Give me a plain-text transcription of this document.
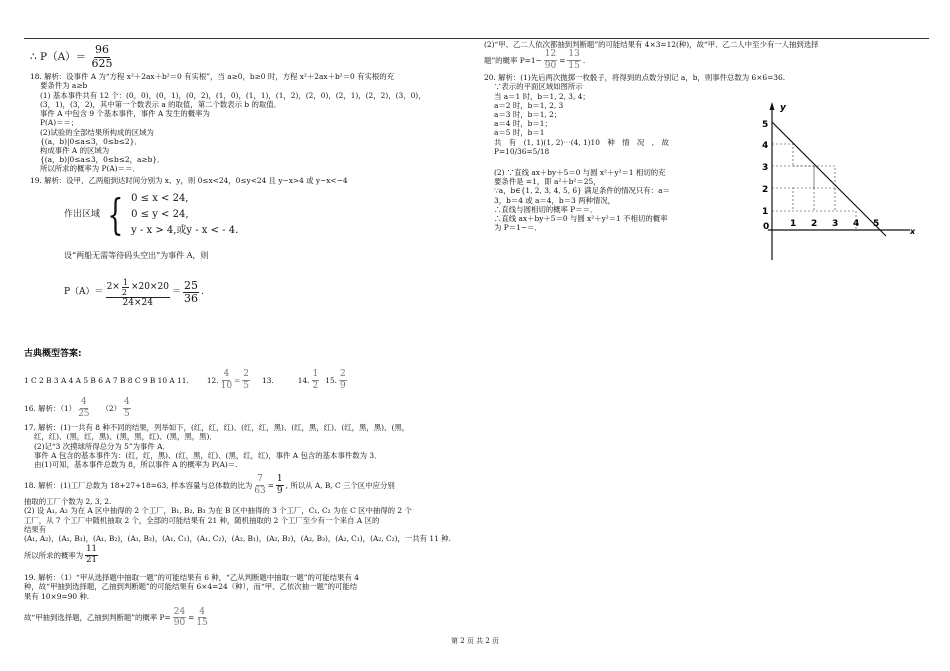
∴ $P(A)= \frac{96}{625}$
18. 解析：设事件 A 为“方程 x²＋2ax＋b²＝0 有实根”，当 a≥0，b≥0 时，方程 x²＋2ax＋b²＝0 有实根的充
要条件为 a≥b
(1) 基本事件共有 12 个：(0，0)，(0，1)，(0，2)，(1，0)，(1，1)，(1，2)，(2，0)，(2，1)，(2，2)，(3，0)，
(3，1)，(3，2)，其中第一个数表示 a 的取值，第二个数表示 b 的取值．
事件 A 中包含 9 个基本事件，事件 A 发生的概率为
P(A)＝＝；
(2)试验的全部结果所构成的区域为
{(a，b)|0≤a≤3，0≤b≤2}．
构成事件 A 的区域为
{(a，b)|0≤a≤3，0≤b≤2，a≥b}．
所以所求的概率为 P(A)＝＝．
19. 解析：设甲、乙两船到达时间分别为 x、y，则 0≤x<24，0≤y<24 且 y−x>4 或 y−x<−4
作出区域 { 0 ≤ x < 24,
0 ≤ y < 24,
y - x > 4,或y - x < - 4.
设“两船无需等待码头空出”为事件 A，则
P（A）＝
$2\times \frac{1}{2} \times 20\times 20$
24×24
＝ $\frac{25}{36}$ .
古典概型答案:
1 C 2 B 3 A 4 A 5 B 6 A 7 B 8 C 9 B 10 A 11. 12. $\frac{4}{10} = \frac{2}{5} 13$.	14. $\frac{1}{2} 15$. $\frac{2}{9}$
16. 解析：$(1) \frac{4}{25} (2) \frac{4}{5}$
17. 解析：(1)一共有 8 种不同的结果，列举如下，(红，红，红)、(红，红，黑)、(红，黑，红)、(红，黑，黑)、(黑，
红，红)、(黑，红，黑)、(黑，黑，红)、(黑，黑，黑)．
(2)记“3 次摸球所得总分为 5”为事件 A．
事件 A 包含的基本事件为：(红，红，黑)、(红，黑，红)、(黑，红，红)，事件 A 包含的基本事件数为 3．
由(1)可知，基本事件总数为 8，所以事件 A 的概率为 P(A)＝.
18. 解析：(1)工厂总数为 18+27+18=63, 样本容量与总体数的比为 $\frac{7}{63} = \frac{1}{9}$ , 所以从 A, B, C 三个区中应分别
抽取的工厂个数为 2, 3, 2.
(2) 设 A₁, A₂ 为在 A 区中抽得的 2 个工厂，B₁, B₂, B₃ 为在 B 区中抽得的 3 个工厂，C₁, C₂ 为在 C 区中抽得的 2 个
工厂，从 7 个工厂中随机抽取 2 个，全部的可能结果有 21 种，随机抽取的 2 个工厂至少有一个来自 A 区的
结果有
(A₁, A₂)，(A₁, B₁)，(A₁, B₂)，(A₁, B₃)，(A₁, C₁)，(A₁, C₂)，(A₂, B₁)，(A₂, B₂)，(A₂, B₃)，(A₂, C₁)，(A₂, C₂)，一共有 11 种.
所以所求的概率为 $\frac{11}{21}$
19. 解析：（1）“甲从选择题中抽取一题”的可能结果有 6 种，“乙从判断题中抽取一题”的可能结果有 4
种，故“甲抽到选择题，乙抽到判断题”的可能结果有 6×4=24（种），而“甲、乙依次抽一题”的可能结
果有 10×9=90 种.
故“甲抽到选择题，乙抽到判断题”的概率 $P= \frac{24}{90} = \frac{4}{15}$
(2)“甲、乙二人依次都抽到判断题”的可能结果有 4×3=12(种)，故“甲、乙二人中至少有一人抽到选择
题”的概率 $P=1- \frac{12}{90} = \frac{13}{15}$ .
20. 解析：(1)先后两次抛掷一枚骰子，将得到的点数分别记 a，b，则事件总数为 6×6=36.
∵表示的平面区域如图所示
当 a＝1 时，b＝1, 2, 3, 4；
a＝2 时，b＝1, 2, 3
a＝3 时，b＝1, 2；
a＝4 时，b＝1；
a＝5 时，b＝1
共　有　(1, 1)(1, 2)⋯(4, 1)10　种　情　况　,　故
P=10/36=5/18
(2) ∵直线 ax＋by＋5＝0 与圆 x²＋y²＝1 相切的充
要条件是 =1，即 a²＋b²＝25，
∵a，b∈{1, 2, 3, 4, 5, 6} 满足条件的情况只有：a＝
3，b＝4 或 a＝4，b＝3 两种情况，
∴直线与圆相切的概率 P＝＝．
∴直线 ax＋by＋5＝0 与圆 x²＋y²＝1 不相切的概率
为 P＝1−＝．
y
x
0 1 2 3 4 5
1
2
3
4
5
第 2 页 共 2 页
